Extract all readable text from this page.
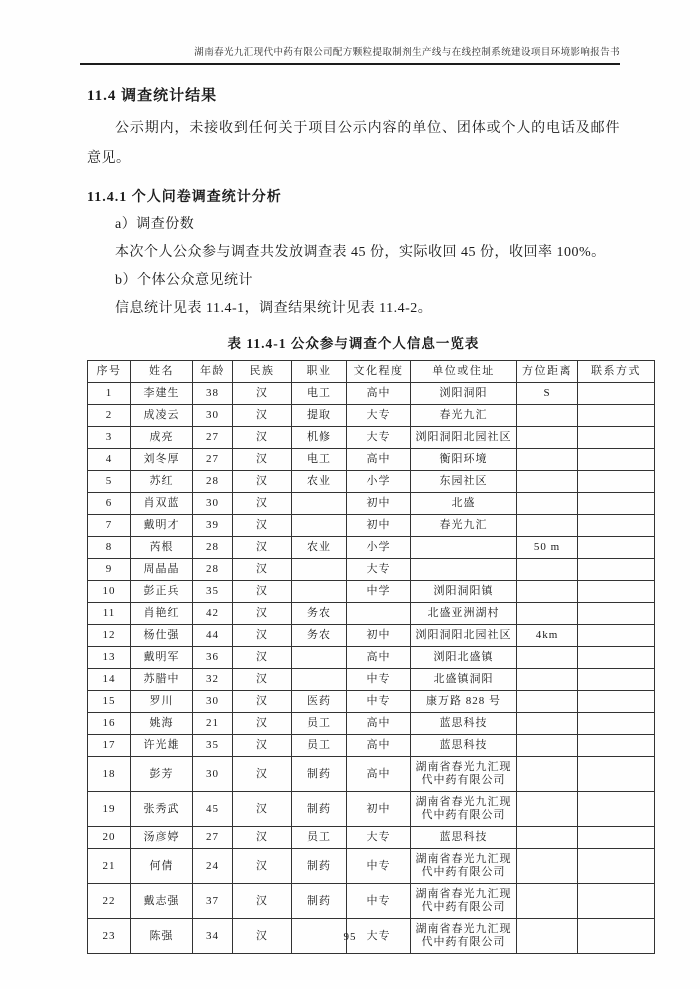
湖南春光九汇现代中药有限公司配方颗粒提取制剂生产线与在线控制系统建设项目环境影响报告书

11.4 调查统计结果

公示期内，未接收到任何关于项目公示内容的单位、团体或个人的电话及邮件意见。

11.4.1 个人问卷调查统计分析

a）调查份数

本次个人公众参与调查共发放调查表 45 份，实际收回 45 份，收回率 100%。

b）个体公众意见统计

信息统计见表 11.4-1，调查结果统计见表 11.4-2。

表 11.4-1 公众参与调查个人信息一览表

序号	姓名	年龄	民族	职业	文化程度	单位或住址	方位距离	联系方式
1	李建生	38	汉	电工	高中	浏阳洞阳	S	
2	成凌云	30	汉	提取	大专	春光九汇		
3	成亮	27	汉	机修	大专	浏阳洞阳北园社区		
4	刘冬厚	27	汉	电工	高中	衡阳环境		
5	苏红	28	汉	农业	小学	东园社区		
6	肖双蓝	30	汉		初中	北盛		
7	戴明才	39	汉		初中	春光九汇		
8	芮根	28	汉	农业	小学		50 m	
9	周晶晶	28	汉		大专			
10	彭正兵	35	汉		中学	浏阳洞阳镇		
11	肖艳红	42	汉	务农		北盛亚洲湖村		
12	杨仕强	44	汉	务农	初中	浏阳洞阳北园社区	4km	
13	戴明军	36	汉		高中	浏阳北盛镇		
14	苏腊中	32	汉		中专	北盛镇洞阳		
15	罗川	30	汉	医药	中专	康万路 828 号		
16	姚海	21	汉	员工	高中	蓝思科技		
17	许光雄	35	汉	员工	高中	蓝思科技		
18	彭芳	30	汉	制药	高中	湖南省春光九汇现代中药有限公司		
19	张秀武	45	汉	制药	初中	湖南省春光九汇现代中药有限公司		
20	汤彦婷	27	汉	员工	大专	蓝思科技		
21	何倩	24	汉	制药	中专	湖南省春光九汇现代中药有限公司		
22	戴志强	37	汉	制药	中专	湖南省春光九汇现代中药有限公司		
23	陈强	34	汉		大专	湖南省春光九汇现代中药有限公司		
95
